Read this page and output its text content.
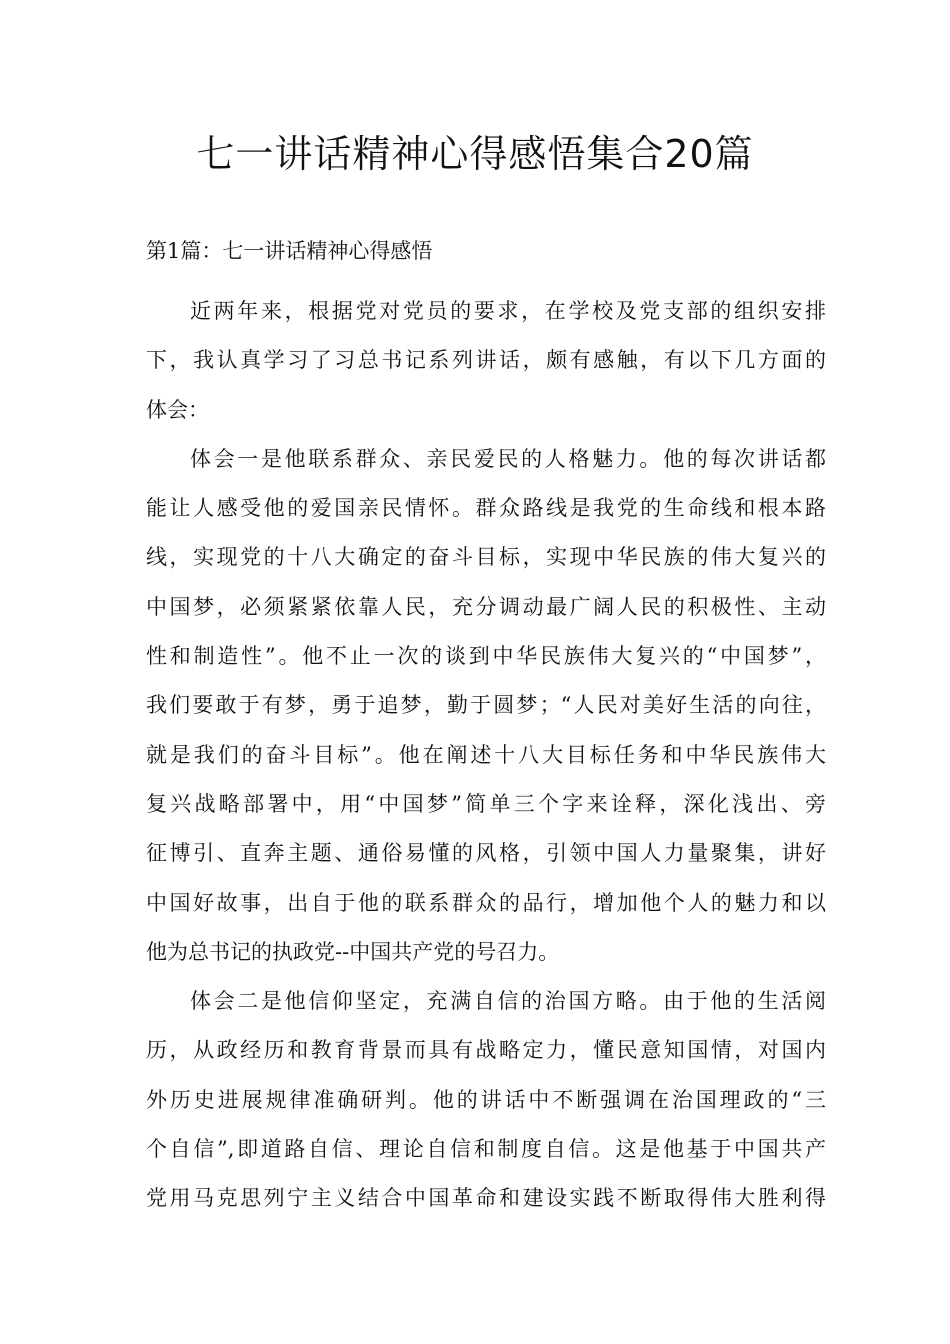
七一讲话精神心得感悟集合20篇

第1篇：七一讲话精神心得感悟

近两年来，根据党对党员的要求，在学校及党支部的组织安排
下，我认真学习了习总书记系列讲话，颇有感触，有以下几方面的
体会：

体会一是他联系群众、亲民爱民的人格魅力。他的每次讲话都
能让人感受他的爱国亲民情怀。群众路线是我党的生命线和根本路
线，实现党的十八大确定的奋斗目标，实现中华民族的伟大复兴的
中国梦，必须紧紧依靠人民，充分调动最广阔人民的积极性、主动
性和制造性”。他不止一次的谈到中华民族伟大复兴的“中国梦”，
我们要敢于有梦，勇于追梦，勤于圆梦；“人民对美好生活的向往，
就是我们的奋斗目标”。他在阐述十八大目标任务和中华民族伟大
复兴战略部署中，用“中国梦”简单三个字来诠释，深化浅出、旁
征博引、直奔主题、通俗易懂的风格，引领中国人力量聚集，讲好
中国好故事，出自于他的联系群众的品行，增加他个人的魅力和以
他为总书记的执政党--中国共产党的号召力。

体会二是他信仰坚定，充满自信的治国方略。由于他的生活阅
历，从政经历和教育背景而具有战略定力，懂民意知国情，对国内
外历史进展规律准确研判。他的讲话中不断强调在治国理政的“三
个自信”,即道路自信、理论自信和制度自信。这是他基于中国共产
党用马克思列宁主义结合中国革命和建设实践不断取得伟大胜利得
